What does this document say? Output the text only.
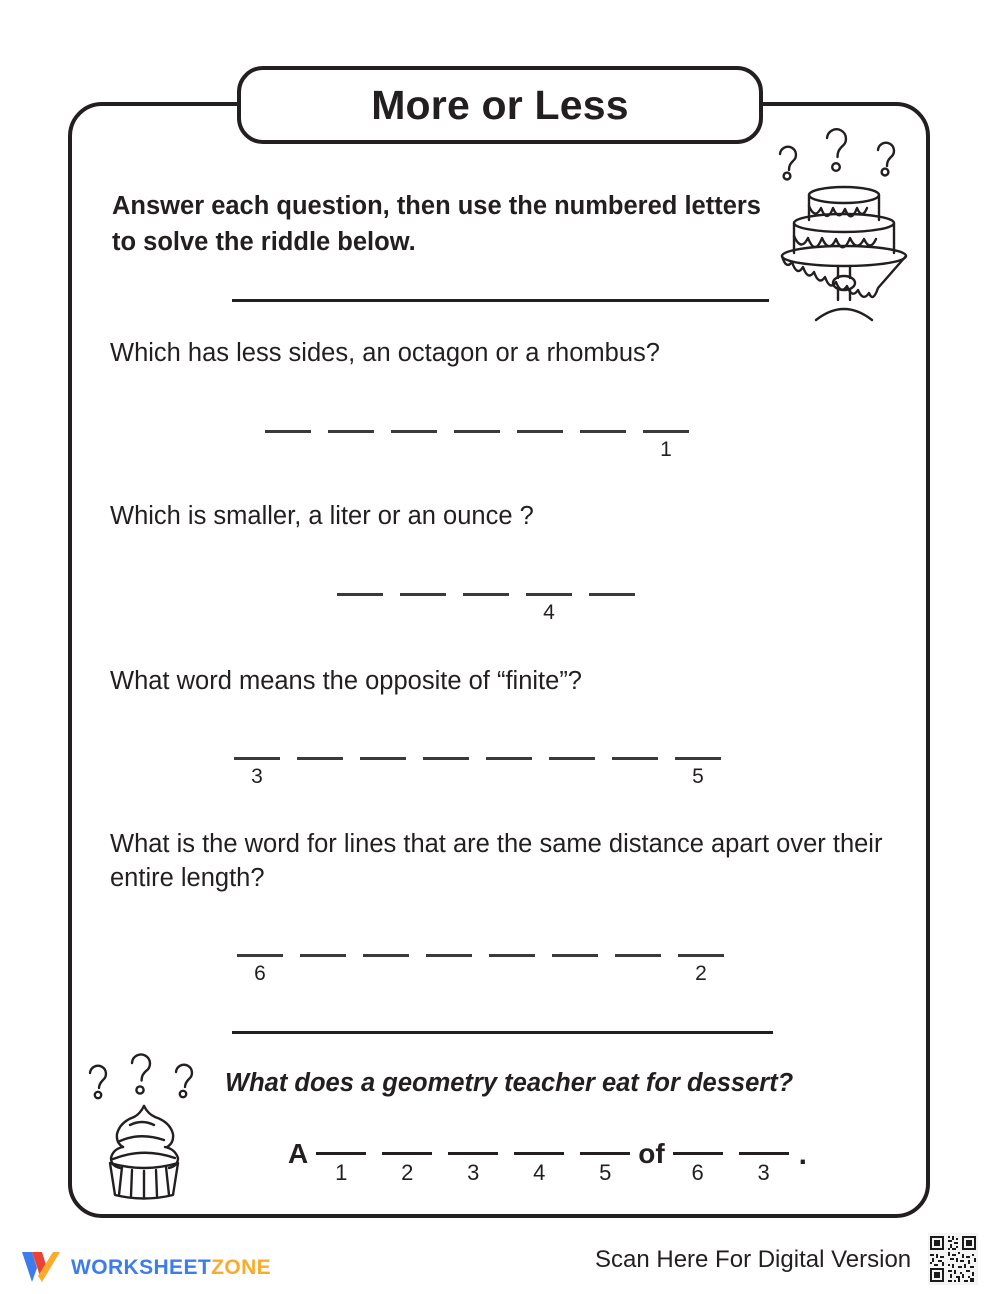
More or Less
Answer each question, then use the numbered letters to solve the riddle below.
Which has less sides, an octagon or a rhombus?
1
Which is smaller, a liter or an ounce ?
4
What word means the opposite of “finite”?
3	5
What is the word for lines that are the same distance apart over their entire length?
6	2
What does a geometry teacher eat for dessert?
A
1 2 3 4 5
of
6 3
.
WORKSHEETZONE	Scan Here For Digital Version
